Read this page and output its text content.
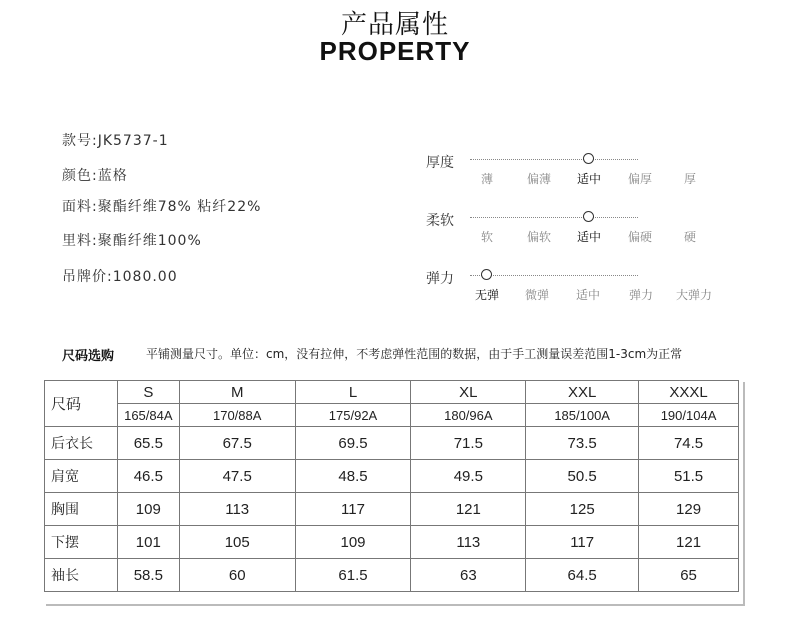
产品属性
PROPERTY
款号:JK5737-1
颜色:蓝格
面料:聚酯纤维78% 粘纤22%
里料:聚酯纤维100%
吊牌价:1080.00
厚度
薄	偏薄 适中 偏厚	厚
柔软
软	偏软 适中 偏硬	硬
弹力
无弹 微弹 适中 弹力 大弹力
尺码选购	平铺测量尺寸。单位：cm，没有拉伸，不考虑弹性范围的数据，由于手工测量误差范围1-3cm为正常
尺码	S	M	L	XL	XXL	XXXL
	165/84A	170/88A	175/92A	180/96A	185/100A	190/104A
后衣长	65.5	67.5	69.5	71.5	73.5	74.5
肩宽	46.5	47.5	48.5	49.5	50.5	51.5
胸围	109	113	117	121	125	129
下摆	101	105	109	113	117	121
袖长	58.5	60	61.5	63	64.5	65
